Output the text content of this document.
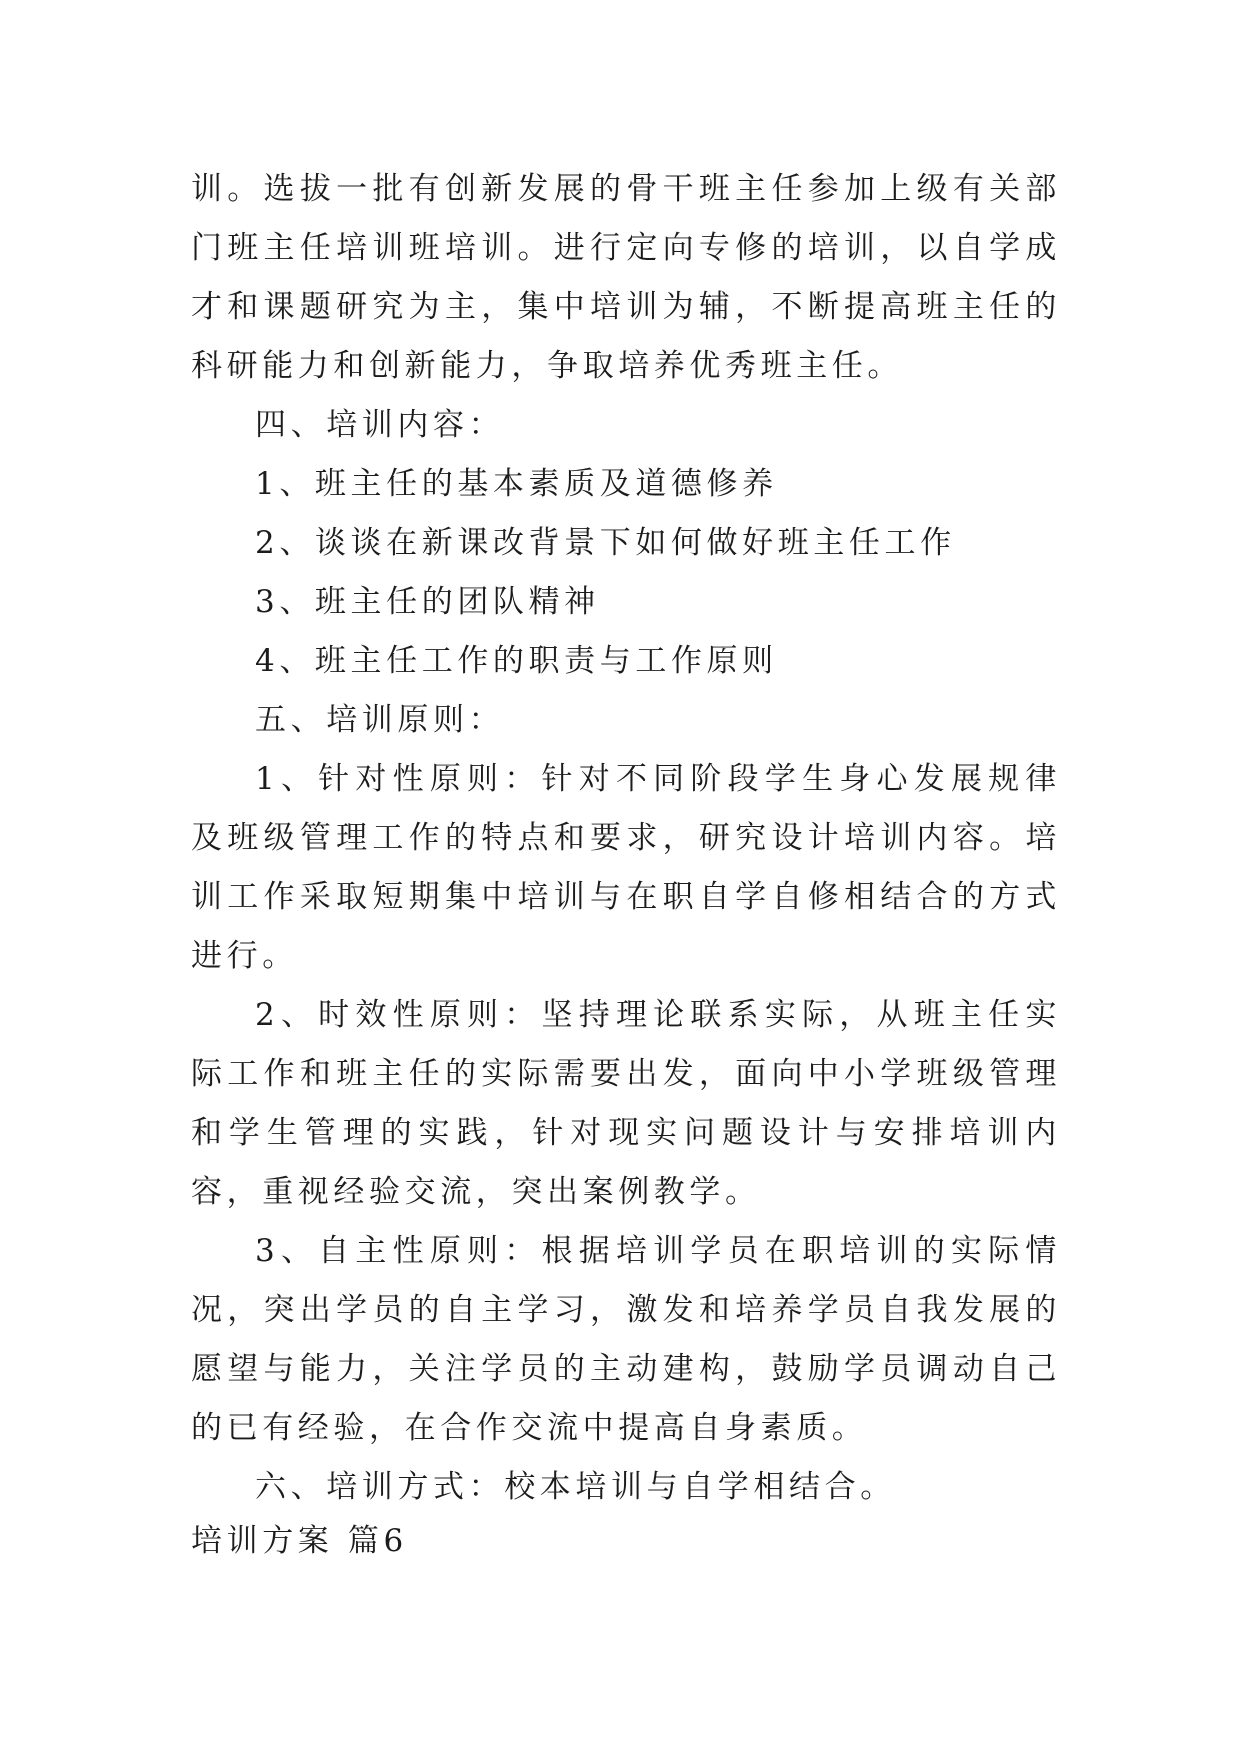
训。选拔一批有创新发展的骨干班主任参加上级有关部门班主任培训班培训。进行定向专修的培训，以自学成才和课题研究为主，集中培训为辅，不断提高班主任的科研能力和创新能力，争取培养优秀班主任。

四、培训内容：

1、班主任的基本素质及道德修养

2、谈谈在新课改背景下如何做好班主任工作

3、班主任的团队精神

4、班主任工作的职责与工作原则

五、培训原则：

1、针对性原则：针对不同阶段学生身心发展规律及班级管理工作的特点和要求，研究设计培训内容。培训工作采取短期集中培训与在职自学自修相结合的方式进行。

2、时效性原则：坚持理论联系实际，从班主任实际工作和班主任的实际需要出发，面向中小学班级管理和学生管理的实践，针对现实问题设计与安排培训内容，重视经验交流，突出案例教学。

3、自主性原则：根据培训学员在职培训的实际情况，突出学员的自主学习，激发和培养学员自我发展的愿望与能力，关注学员的主动建构，鼓励学员调动自己的已有经验，在合作交流中提高自身素质。

六、培训方式：校本培训与自学相结合。

培训方案 篇6
